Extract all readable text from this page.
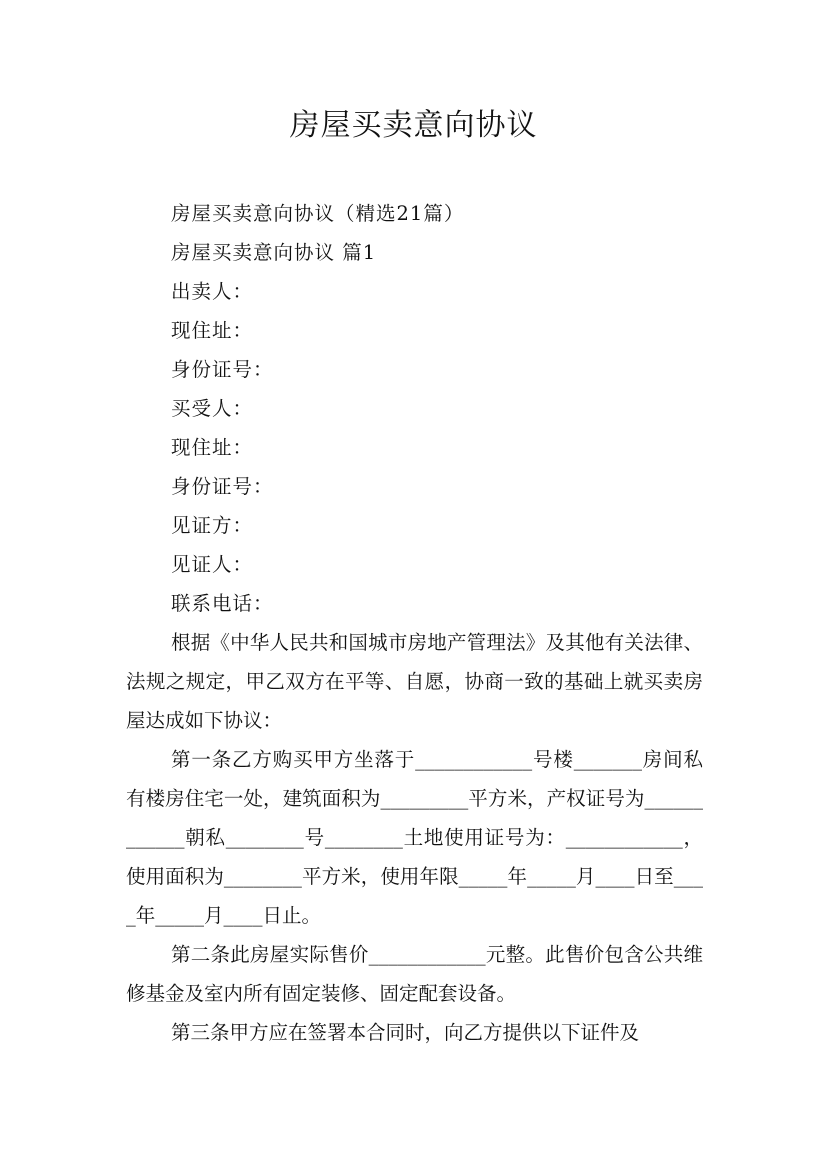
房屋买卖意向协议

房屋买卖意向协议（精选21篇）

房屋买卖意向协议 篇1

出卖人：

现住址：

身份证号：

买受人：

现住址：

身份证号：

见证方：

见证人：

联系电话：

根据《中华人民共和国城市房地产管理法》及其他有关法律、法规之规定，甲乙双方在平等、自愿，协商一致的基础上就买卖房屋达成如下协议：

第一条乙方购买甲方坐落于____________号楼_______房间私有楼房住宅一处，建筑面积为_________平方米，产权证号为____________朝私________号________土地使用证号为：____________，使用面积为________平方米，使用年限_____年_____月____日至____年_____月____日止。

第二条此房屋实际售价____________元整。此售价包含公共维修基金及室内所有固定装修、固定配套设备。

第三条甲方应在签署本合同时，向乙方提供以下证件及
